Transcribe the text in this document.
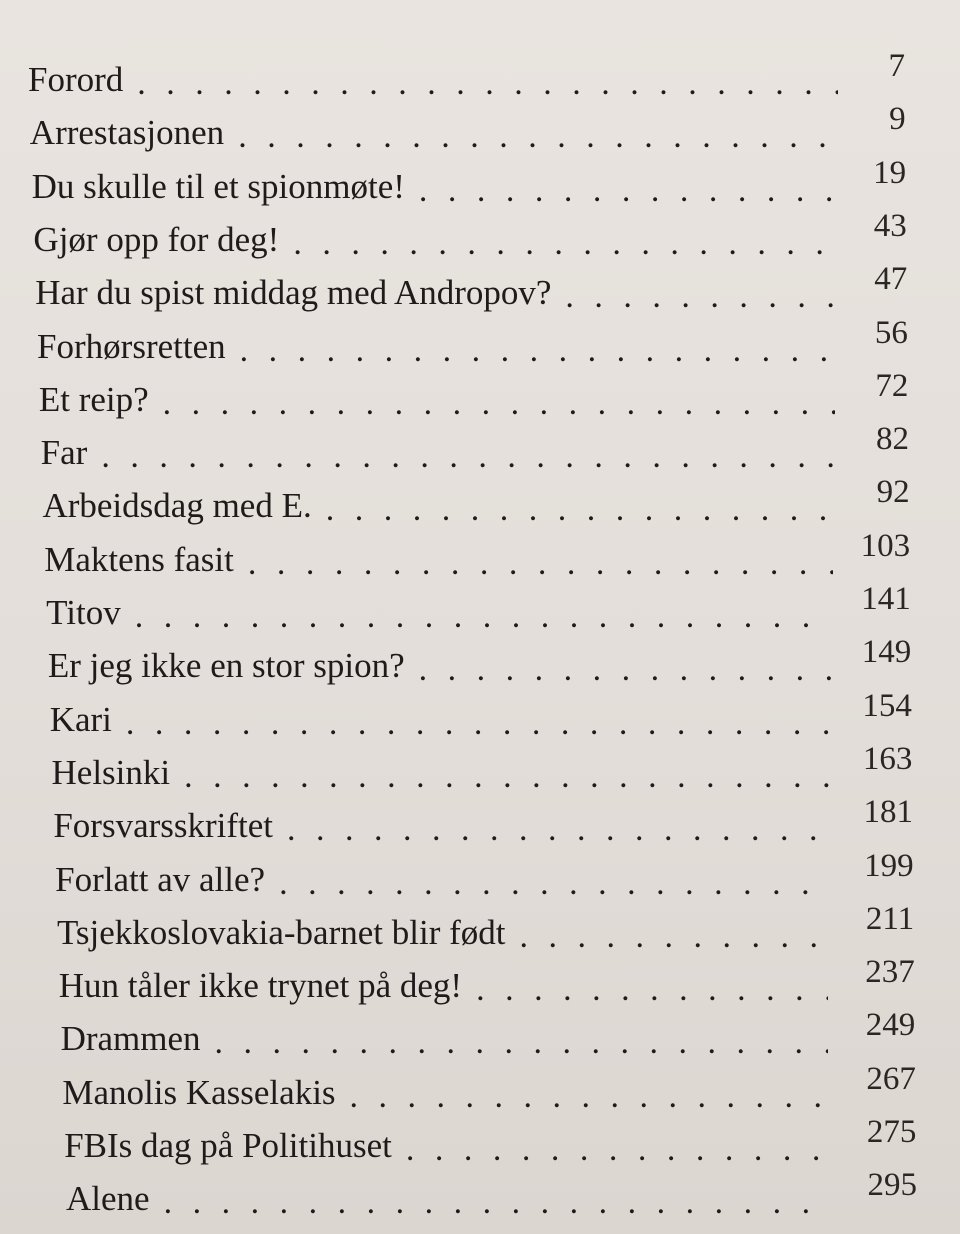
Forord . . .	7
Arrestasjonen . . .	9
Du skulle til et spionmøte! . . .	19
Gjør opp for deg! . . .	43
Har du spist middag med Andropov? . . .	47
Forhørsretten . . .	56
Et reip? . . .	72
Far . . .	82
Arbeidsdag med E. . . .	92
Maktens fasit . . .	103
Titov . . .	141
Er jeg ikke en stor spion? . . .	149
Kari . . .	154
Helsinki . . .	163
Forsvarsskriftet . . .	181
Forlatt av alle? . . .	199
Tsjekkoslovakia-barnet blir født . . .	211
Hun tåler ikke trynet på deg! . . .	237
Drammen . . .	249
Manolis Kasselakis . . .	267
FBIs dag på Politihuset . . .	275
Alene . . .	295
